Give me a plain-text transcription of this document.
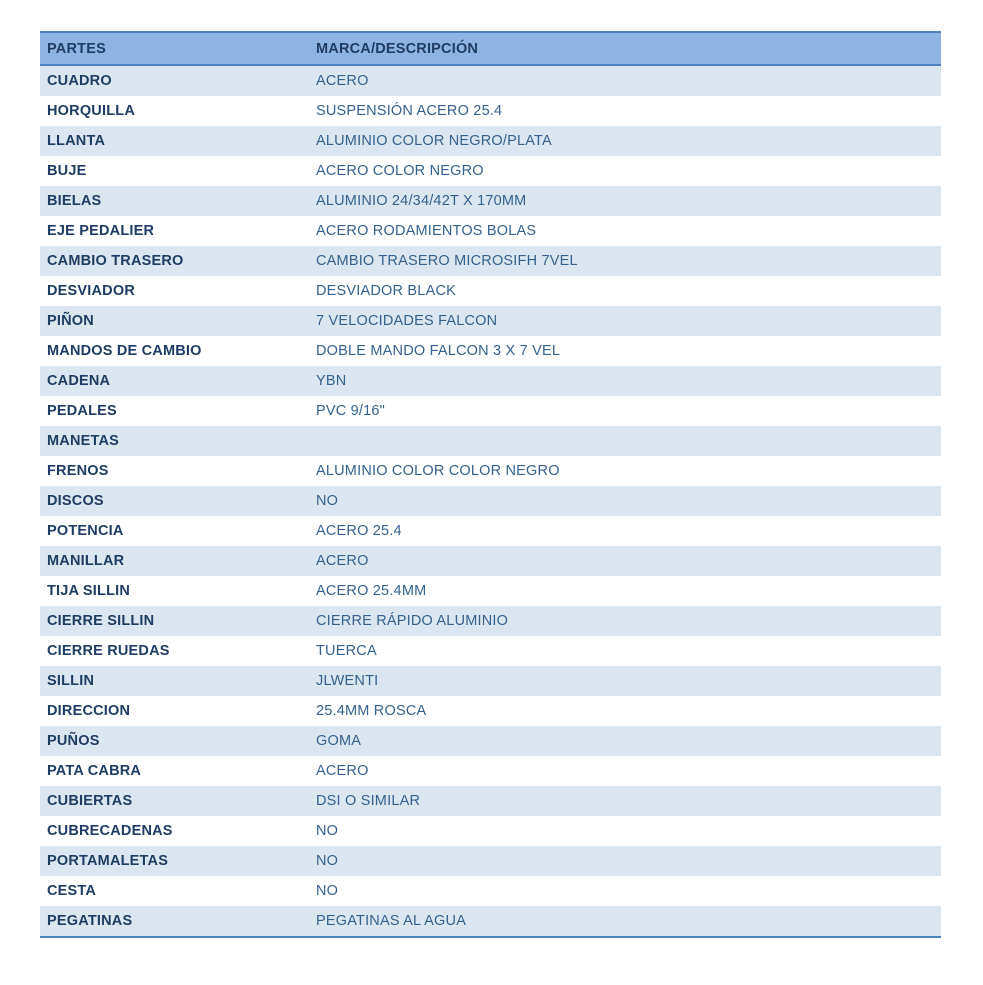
PARTES	MARCA/DESCRIPCIÓN
CUADRO	ACERO
HORQUILLA	SUSPENSIÓN ACERO 25.4
LLANTA	ALUMINIO COLOR NEGRO/PLATA
BUJE	ACERO COLOR NEGRO
BIELAS	ALUMINIO 24/34/42T X 170MM
EJE PEDALIER	ACERO RODAMIENTOS BOLAS
CAMBIO TRASERO	CAMBIO TRASERO MICROSIFH 7VEL
DESVIADOR	DESVIADOR BLACK
PIÑON	7 VELOCIDADES FALCON
MANDOS DE CAMBIO	DOBLE MANDO FALCON 3 X 7 VEL
CADENA	YBN
PEDALES	PVC 9/16"
MANETAS	
FRENOS	ALUMINIO COLOR COLOR NEGRO
DISCOS	NO
POTENCIA	ACERO 25.4
MANILLAR	ACERO
TIJA SILLIN	ACERO 25.4MM
CIERRE SILLIN	CIERRE RÁPIDO ALUMINIO
CIERRE RUEDAS	TUERCA
SILLIN	JLWENTI
DIRECCION	25.4MM ROSCA
PUÑOS	GOMA
PATA CABRA	ACERO
CUBIERTAS	DSI O SIMILAR
CUBRECADENAS	NO
PORTAMALETAS	NO
CESTA	NO
PEGATINAS	PEGATINAS AL AGUA
